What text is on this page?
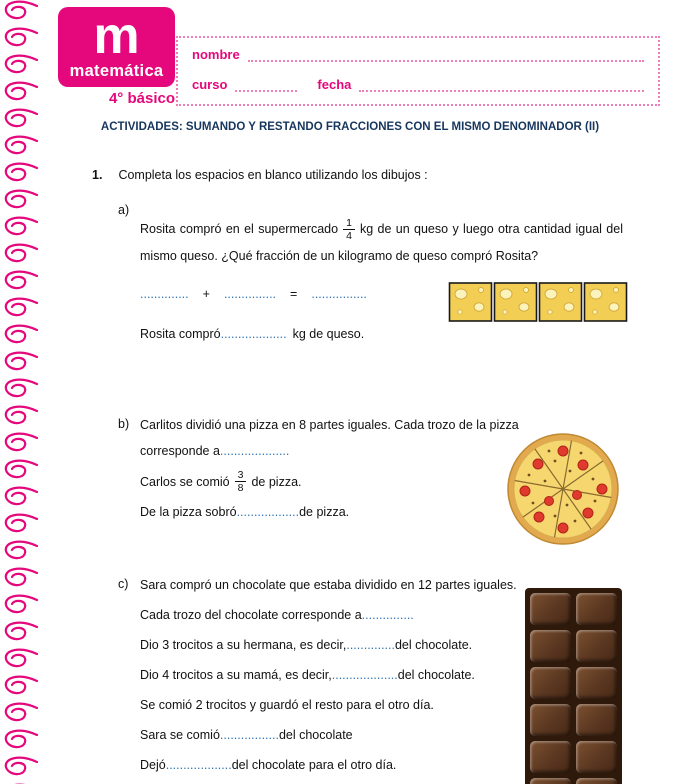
m
matemática
4° básico
nombre
curso	fecha
ACTIVIDADES: SUMANDO Y RESTANDO FRACCIONES CON EL MISMO DENOMINADOR (II)
1. Completa los espacios en blanco utilizando los dibujos :
a)

Rosita compró en el supermercado $\frac{1}{4}$ kg de un queso y luego otra cantidad igual del mismo queso. ¿Qué fracción de un kilogramo de queso compró Rosita?

.............. + ............... = ................
Rosita compró................... kg de queso.
b) Carlitos dividió una pizza en 8 partes iguales. Cada trozo de la pizza
corresponde a....................
Carlos se comió $\frac{3}{8}$ de pizza.
De la pizza sobró..................de pizza.
c) Sara compró un chocolate que estaba dividido en 12 partes iguales.
Cada trozo del chocolate corresponde a...............
Dio 3 trocitos a su hermana, es decir,..............del chocolate.
Dio 4 trocitos a su mamá, es decir,...................del chocolate.
Se comió 2 trocitos y guardó el resto para el otro día.
Sara se comió.................del chocolate
Dejó...................del chocolate para el otro día.
